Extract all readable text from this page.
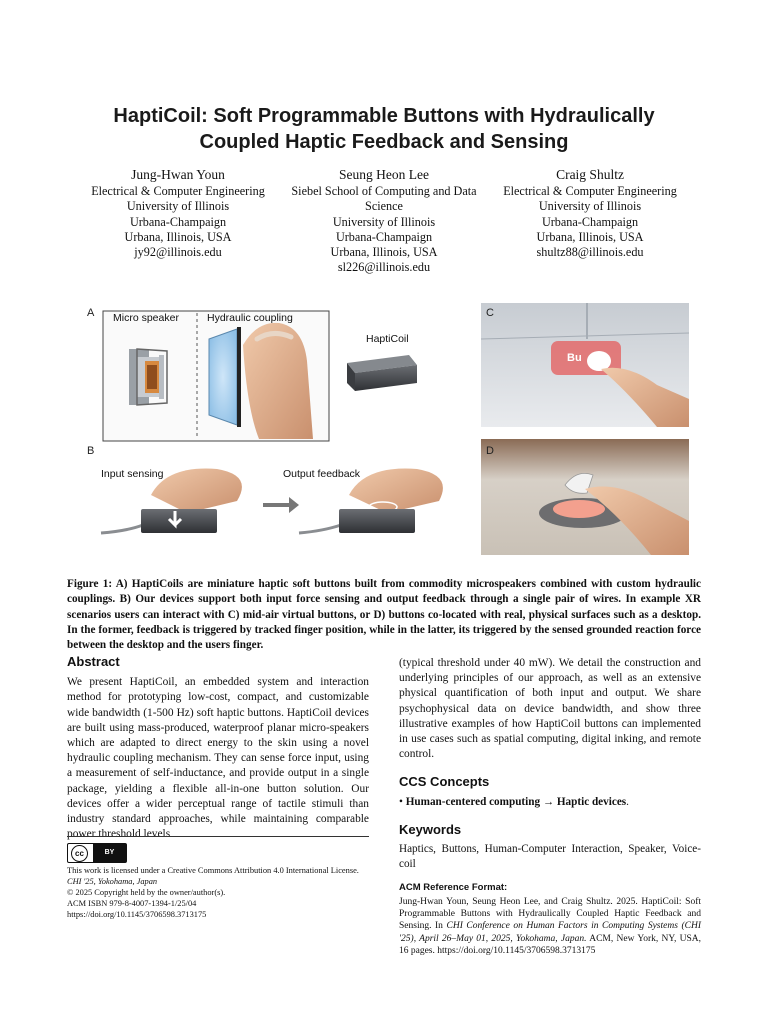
HaptiCoil: Soft Programmable Buttons with Hydraulically
Coupled Haptic Feedback and Sensing
Jung-Hwan Youn
Electrical & Computer Engineering
University of Illinois
Urbana-Champaign
Urbana, Illinois, USA
jy92@illinois.edu
Seung Heon Lee
Siebel School of Computing and Data
Science
University of Illinois
Urbana-Champaign
Urbana, Illinois, USA
sl226@illinois.edu
Craig Shultz
Electrical & Computer Engineering
University of Illinois
Urbana-Champaign
Urbana, Illinois, USA
shultz88@illinois.edu
A
B
C
D
Micro speaker	Hydraulic coupling
HaptiCoil
Input sensing	Output feedback
Bu
Figure 1: A) HaptiCoils are miniature haptic soft buttons built from commodity microspeakers combined with custom hydraulic couplings. B) Our devices support both input force sensing and output feedback through a single pair of wires. In example XR scenarios users can interact with C) mid-air virtual buttons, or D) buttons co-located with real, physical surfaces such as a desktop. In the former, feedback is triggered by tracked finger position, while in the latter, its triggered by the sensed grounded reaction force between the desktop and the users finger.
Abstract
We present HaptiCoil, an embedded system and interaction method for prototyping low-cost, compact, and customizable wide bandwidth (1-500 Hz) soft haptic buttons. HaptiCoil devices are built using mass-produced, waterproof planar micro-speakers which are adapted to direct energy to the skin using a novel hydraulic coupling mechanism. They can sense force input, using a measurement of self-inductance, and provide output in a single package, yielding a flexible all-in-one button solution. Our devices offer a wider perceptual range of tactile stimuli than industry standard approaches, while maintaining comparable power threshold levels
cc	BY
This work is licensed under a Creative Commons Attribution 4.0 International License.
CHI '25, Yokohama, Japan
© 2025 Copyright held by the owner/author(s).
ACM ISBN 979-8-4007-1394-1/25/04
https://doi.org/10.1145/3706598.3713175
(typical threshold under 40 mW). We detail the construction and underlying principles of our approach, as well as an extensive physical quantification of both input and output. We share psychophysical data on device bandwidth, and show three illustrative examples of how HaptiCoil buttons can implemented in use cases such as spatial computing, digital inking, and remote control.
CCS Concepts
• Human-centered computing → Haptic devices.
Keywords
Haptics, Buttons, Human-Computer Interaction, Speaker, Voice-coil
ACM Reference Format:
Jung-Hwan Youn, Seung Heon Lee, and Craig Shultz. 2025. HaptiCoil: Soft Programmable Buttons with Hydraulically Coupled Haptic Feedback and Sensing. In CHI Conference on Human Factors in Computing Systems (CHI '25), April 26–May 01, 2025, Yokohama, Japan. ACM, New York, NY, USA, 16 pages. https://doi.org/10.1145/3706598.3713175
